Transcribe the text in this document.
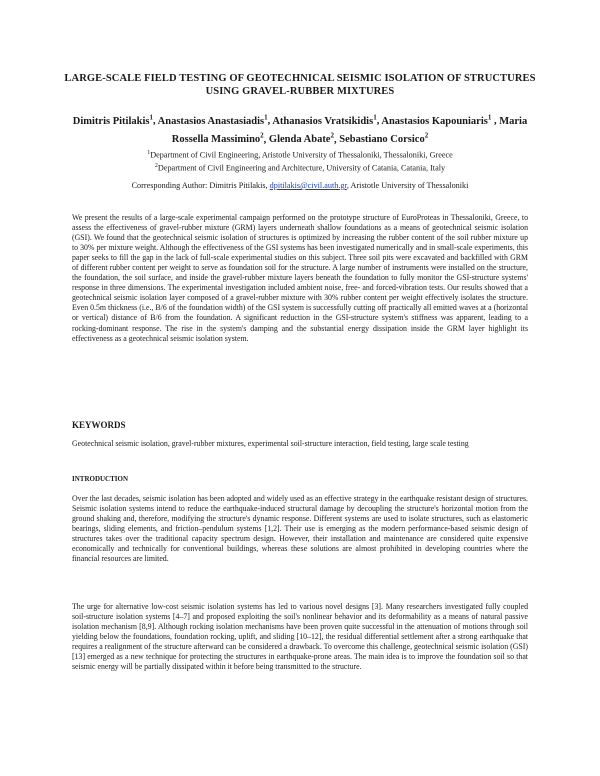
LARGE-SCALE FIELD TESTING OF GEOTECHNICAL SEISMIC ISOLATION OF STRUCTURES USING GRAVEL-RUBBER MIXTURES
Dimitris Pitilakis$^1$, Anastasios Anastasiadis$^1$, Athanasios Vratsikidis$^1$, Anastasios Kapouniaris$^1$ , Maria Rossella Massimino$^2$, Glenda Abate$^2$, Sebastiano Corsico$^2$
$^1$Department of Civil Engineering, Aristotle University of Thessaloniki, Thessaloniki, Greece
$^2$Department of Civil Engineering and Architecture, University of Catania, Catania, Italy
Corresponding Author: Dimitris Pitilakis, dpitilakis@civil.auth.gr, Aristotle University of Thessaloniki

We present the results of a large-scale experimental campaign performed on the prototype structure of EuroProteas in Thessaloniki, Greece, to assess the effectiveness of gravel-rubber mixture (GRM) layers underneath shallow foundations as a means of geotechnical seismic isolation (GSI). We found that the geotechnical seismic isolation of structures is optimized by increasing the rubber content of the soil rubber mixture up to 30% per mixture weight. Although the effectiveness of the GSI systems has been investigated numerically and in small-scale experiments, this paper seeks to fill the gap in the lack of full-scale experimental studies on this subject. Three soil pits were excavated and backfilled with GRM of different rubber content per weight to serve as foundation soil for the structure. A large number of instruments were installed on the structure, the foundation, the soil surface, and inside the gravel-rubber mixture layers beneath the foundation to fully monitor the GSI-structure systems' response in three dimensions. The experimental investigation included ambient noise, free- and forced-vibration tests. Our results showed that a geotechnical seismic isolation layer composed of a gravel-rubber mixture with 30% rubber content per weight effectively isolates the structure. Even 0.5m thickness (i.e., B/6 of the foundation width) of the GSI system is successfully cutting off practically all emitted waves at a (horizontal or vertical) distance of B/6 from the foundation. A significant reduction in the GSI-structure system's stiffness was apparent, leading to a rocking-dominant response. The rise in the system's damping and the substantial energy dissipation inside the GRM layer highlight its effectiveness as a geotechnical seismic isolation system.

KEYWORDS

Geotechnical seismic isolation, gravel-rubber mixtures, experimental soil-structure interaction, field testing, large scale testing

INTRODUCTION

Over the last decades, seismic isolation has been adopted and widely used as an effective strategy in the earthquake resistant design of structures. Seismic isolation systems intend to reduce the earthquake-induced structural damage by decoupling the structure's horizontal motion from the ground shaking and, therefore, modifying the structure's dynamic response. Different systems are used to isolate structures, such as elastomeric bearings, sliding elements, and friction–pendulum systems [1,2]. Their use is emerging as the modern performance-based seismic design of structures takes over the traditional capacity spectrum design. However, their installation and maintenance are considered quite expensive economically and technically for conventional buildings, whereas these solutions are almost prohibited in developing countries where the financial resources are limited.

The urge for alternative low-cost seismic isolation systems has led to various novel designs [3]. Many researchers investigated fully coupled soil-structure isolation systems [4–7] and proposed exploiting the soil's nonlinear behavior and its deformability as a means of natural passive isolation mechanism [8,9]. Although rocking isolation mechanisms have been proven quite successful in the attenuation of motions through soil yielding below the foundations, foundation rocking, uplift, and sliding [10–12], the residual differential settlement after a strong earthquake that requires a realignment of the structure afterward can be considered a drawback. To overcome this challenge, geotechnical seismic isolation (GSI) [13] emerged as a new technique for protecting the structures in earthquake-prone areas. The main idea is to improve the foundation soil so that seismic energy will be partially dissipated within it before being transmitted to the structure.
